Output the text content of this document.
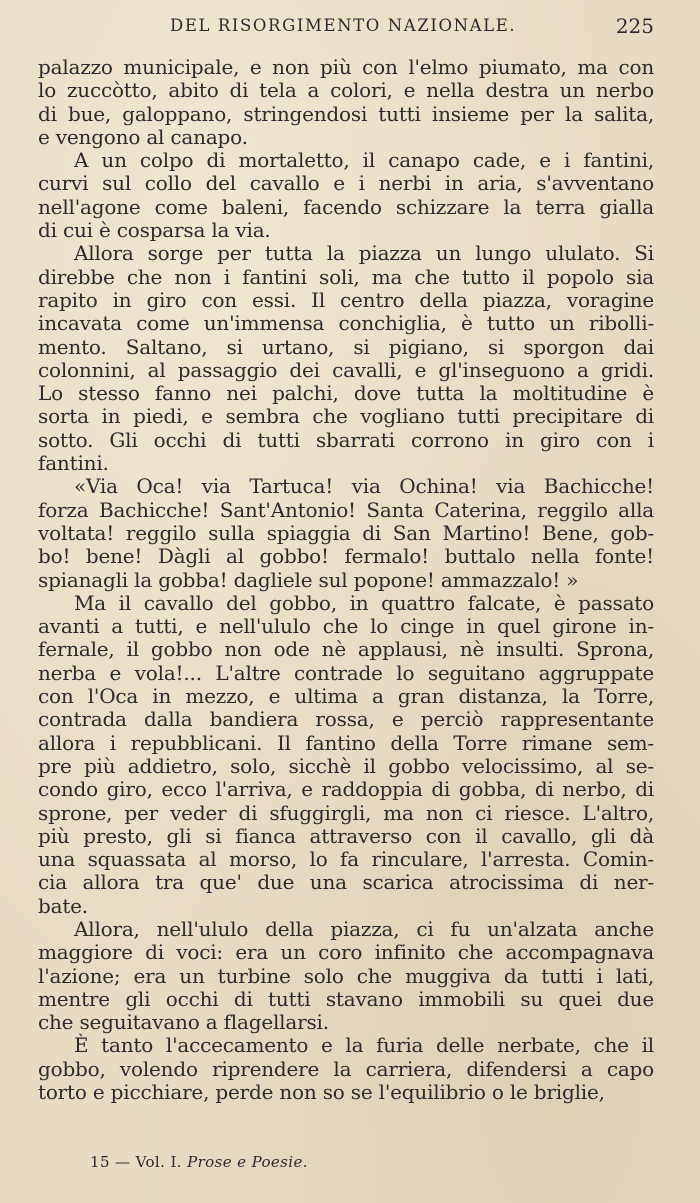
DEL RISORGIMENTO NAZIONALE.	225
palazzo municipale, e non più con l'elmo piumato, ma con
lo zuccòtto, abito di tela a colori, e nella destra un nerbo
di bue, galoppano, stringendosi tutti insieme per la salita,
e vengono al canapo.
A un colpo di mortaletto, il canapo cade, e i fantini,
curvi sul collo del cavallo e i nerbi in aria, s'avventano
nell'agone come baleni, facendo schizzare la terra gialla
di cui è cosparsa la via.
Allora sorge per tutta la piazza un lungo ululato. Si
direbbe che non i fantini soli, ma che tutto il popolo sia
rapito in giro con essi. Il centro della piazza, voragine
incavata come un'immensa conchiglia, è tutto un ribolli-
mento. Saltano, si urtano, si pigiano, si sporgon dai
colonnini, al passaggio dei cavalli, e gl'inseguono a gridi.
Lo stesso fanno nei palchi, dove tutta la moltitudine è
sorta in piedi, e sembra che vogliano tutti precipitare di
sotto. Gli occhi di tutti sbarrati corrono in giro con i
fantini.
«Via Oca! via Tartuca! via Ochina! via Bachicche!
forza Bachicche! Sant'Antonio! Santa Caterina, reggilo alla
voltata! reggilo sulla spiaggia di San Martino! Bene, gob-
bo! bene! Dàgli al gobbo! fermalo! buttalo nella fonte!
spianagli la gobba! dagliele sul popone! ammazzalo! »
Ma il cavallo del gobbo, in quattro falcate, è passato
avanti a tutti, e nell'ululo che lo cinge in quel girone in-
fernale, il gobbo non ode nè applausi, nè insulti. Sprona,
nerba e vola!... L'altre contrade lo seguitano aggruppate
con l'Oca in mezzo, e ultima a gran distanza, la Torre,
contrada dalla bandiera rossa, e perciò rappresentante
allora i repubblicani. Il fantino della Torre rimane sem-
pre più addietro, solo, sicchè il gobbo velocissimo, al se-
condo giro, ecco l'arriva, e raddoppia di gobba, di nerbo, di
sprone, per veder di sfuggirgli, ma non ci riesce. L'altro,
più presto, gli si fianca attraverso con il cavallo, gli dà
una squassata al morso, lo fa rinculare, l'arresta. Comin-
cia allora tra que' due una scarica atrocissima di ner-
bate.
Allora, nell'ululo della piazza, ci fu un'alzata anche
maggiore di voci: era un coro infinito che accompagnava
l'azione; era un turbine solo che muggiva da tutti i lati,
mentre gli occhi di tutti stavano immobili su quei due
che seguitavano a flagellarsi.
È tanto l'accecamento e la furia delle nerbate, che il
gobbo, volendo riprendere la carriera, difendersi a capo
torto e picchiare, perde non so se l'equilibrio o le briglie,
15 — Vol. I. Prose e Poesie.
